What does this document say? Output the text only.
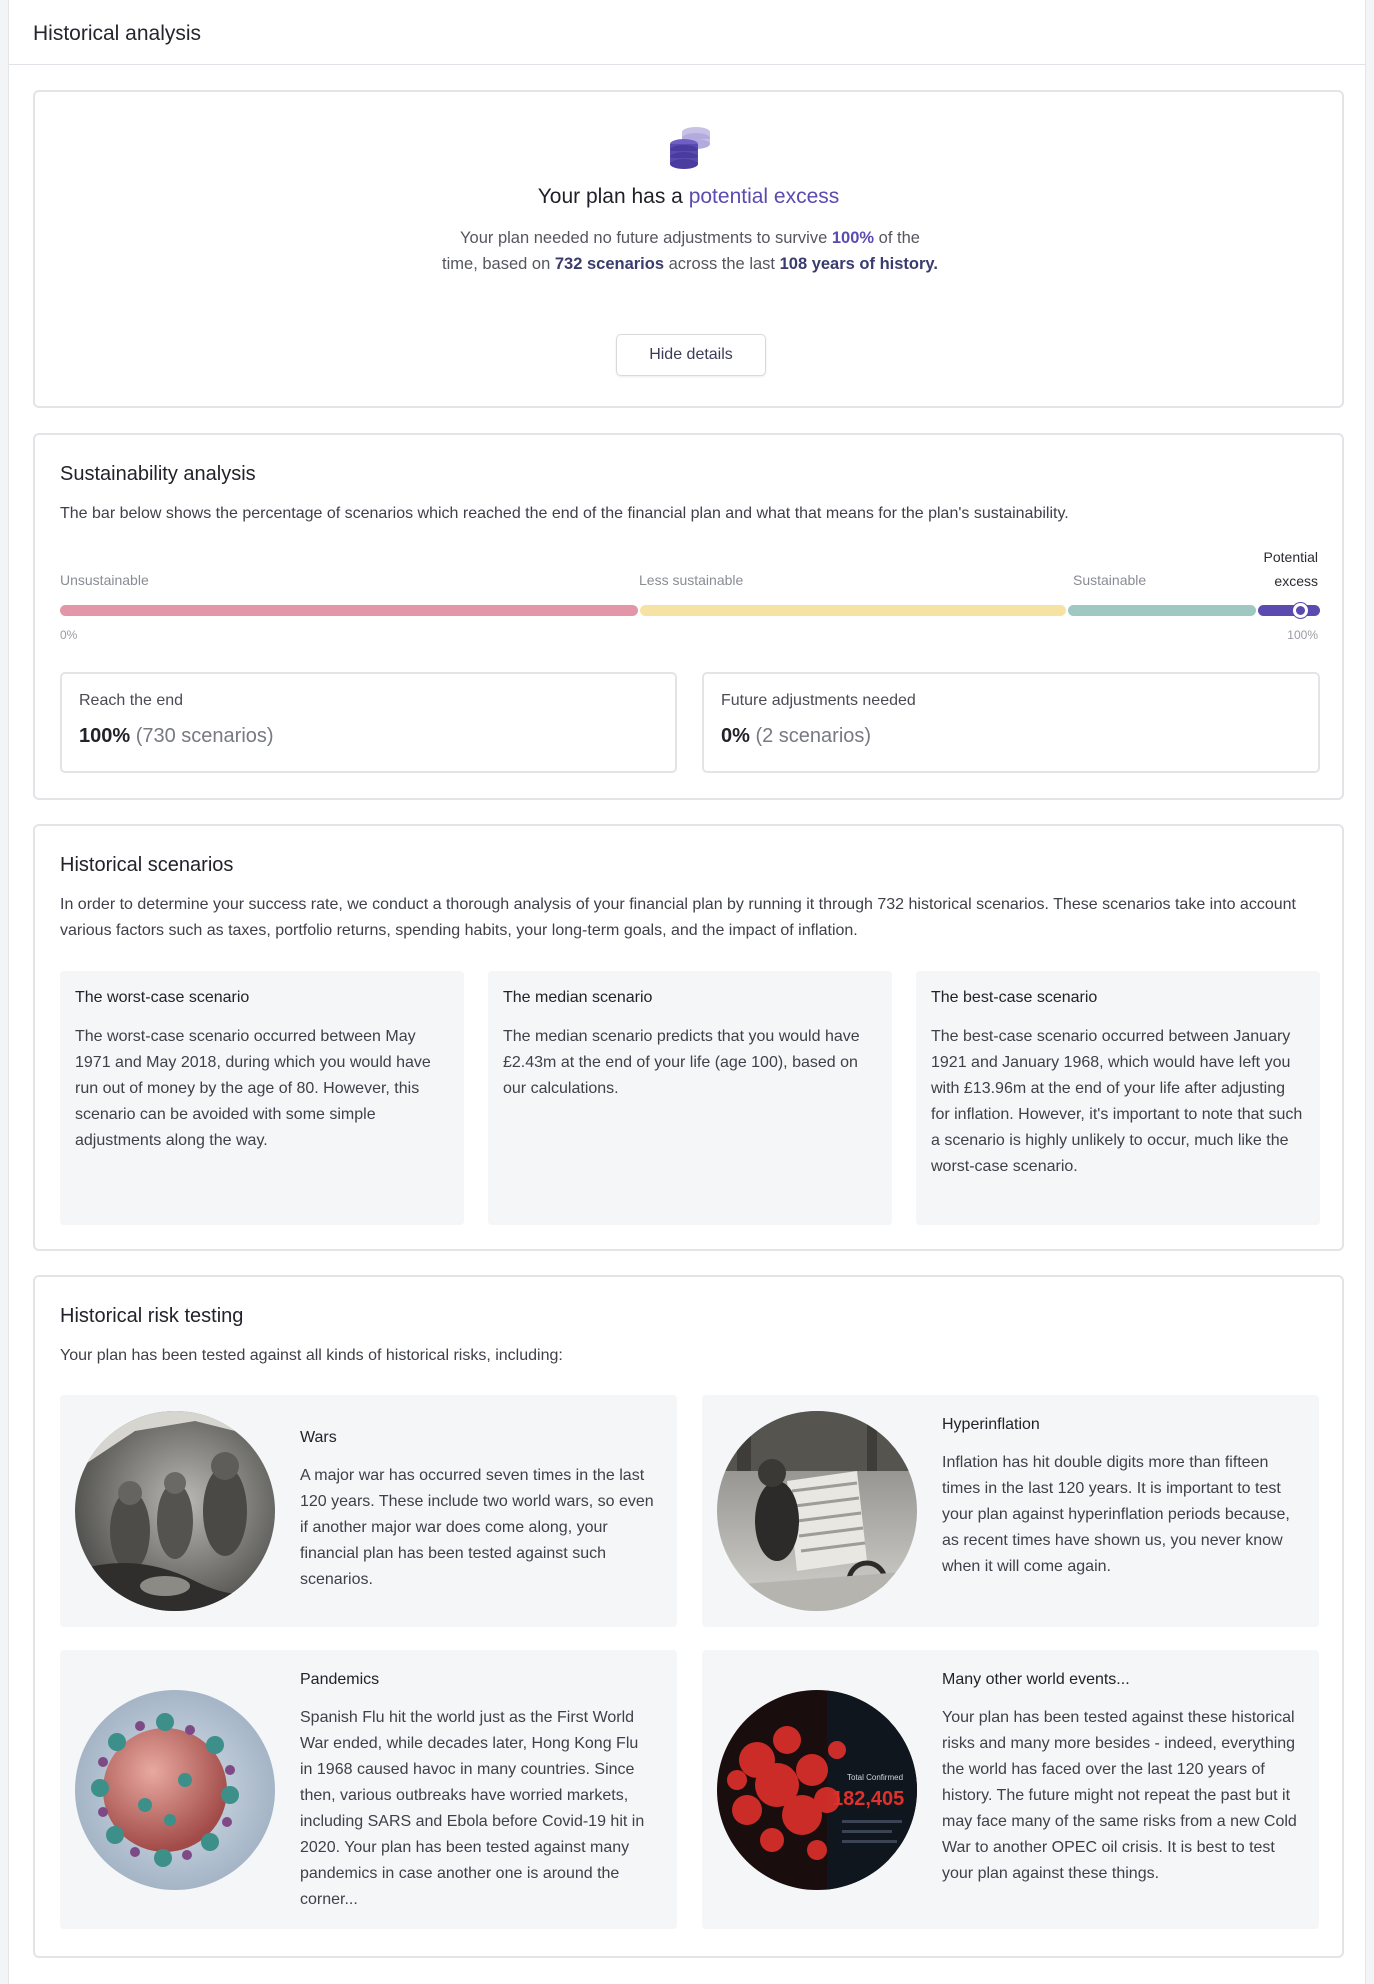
Historical analysis
Your plan has a potential excess
Your plan needed no future adjustments to survive 100% of the time, based on 732 scenarios across the last 108 years of history.
Hide details
Sustainability analysis
The bar below shows the percentage of scenarios which reached the end of the financial plan and what that means for the plan's sustainability.
Unsustainable	Less sustainable	Sustainable
Potential
excess
0%	100%
Reach the end
100% (730 scenarios)
Future adjustments needed
0% (2 scenarios)
Historical scenarios
In order to determine your success rate, we conduct a thorough analysis of your financial plan by running it through 732 historical scenarios. These scenarios take into account various factors such as taxes, portfolio returns, spending habits, your long-term goals, and the impact of inflation.
The worst-case scenario
The worst-case scenario occurred between May 1971 and May 2018, during which you would have run out of money by the age of 80. However, this scenario can be avoided with some simple adjustments along the way.
The median scenario
The median scenario predicts that you would have £2.43m at the end of your life (age 100), based on our calculations.
The best-case scenario
The best-case scenario occurred between January 1921 and January 1968, which would have left you with £13.96m at the end of your life after adjusting for inflation. However, it's important to note that such a scenario is highly unlikely to occur, much like the worst-case scenario.
Historical risk testing
Your plan has been tested against all kinds of historical risks, including:
Wars
A major war has occurred seven times in the last 120 years. These include two world wars, so even if another major war does come along, your financial plan has been tested against such scenarios.
Hyperinflation
Inflation has hit double digits more than fifteen times in the last 120 years. It is important to test your plan against hyperinflation periods because, as recent times have shown us, you never know when it will come again.
Pandemics
Spanish Flu hit the world just as the First World War ended, while decades later, Hong Kong Flu in 1968 caused havoc in many countries. Since then, various outbreaks have worried markets, including SARS and Ebola before Covid-19 hit in 2020. Your plan has been tested against many pandemics in case another one is around the corner...
Total Confirmed
182,405
Many other world events...
Your plan has been tested against these historical risks and many more besides - indeed, everything the world has faced over the last 120 years of history. The future might not repeat the past but it may face many of the same risks from a new Cold War to another OPEC oil crisis. It is best to test your plan against these things.
